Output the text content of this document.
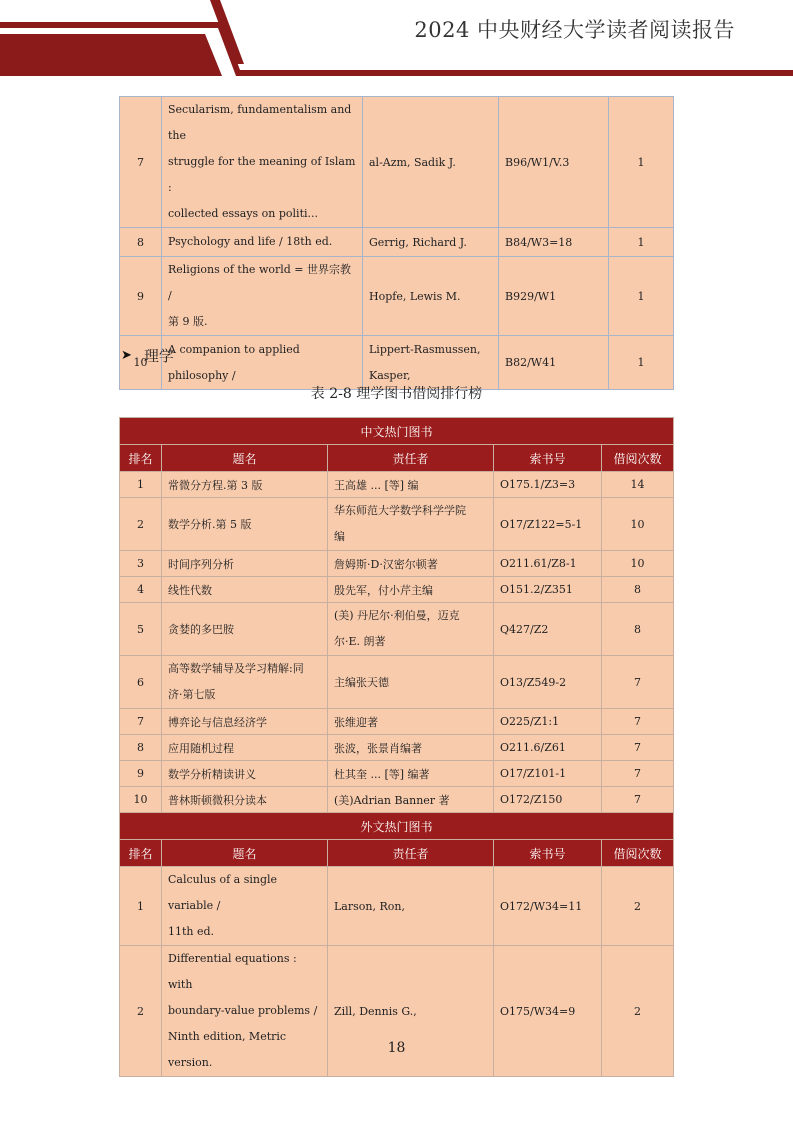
2024 中央财经大学读者阅读报告
7	Secularism, fundamentalism and the
struggle for the meaning of Islam :
collected essays on politi...	al-Azm, Sadik J.	B96/W1/V.3	1
8	Psychology and life / 18th ed.	Gerrig, Richard J.	B84/W3=18	1
9	Religions of the world = 世界宗教 /
第 9 版.	Hopfe, Lewis M.	B929/W1	1
10	A companion to applied philosophy /	Lippert-Rasmussen,
Kasper,	B82/W41	1
➤ 理学
表 2-8 理学图书借阅排行榜
中文热门图书				
排名	题名	责任者	索书号	借阅次数
1	常微分方程.第 3 版	王高雄 ... [等] 编	O175.1/Z3=3	14
2	数学分析.第 5 版	华东师范大学数学科学学院
编	O17/Z122=5-1	10
3	时间序列分析	詹姆斯·D·汉密尔顿著	O211.61/Z8-1	10
4	线性代数	殷先军，付小芹主编	O151.2/Z351	8
5	贪婪的多巴胺	(美) 丹尼尔·利伯曼，迈克
尔·E. 朗著	Q427/Z2	8
6	高等数学辅导及学习精解:同
济·第七版	主编张天德	O13/Z549-2	7
7	博弈论与信息经济学	张维迎著	O225/Z1:1	7
8	应用随机过程	张波，张景肖编著	O211.6/Z61	7
9	数学分析精读讲义	杜其奎 ... [等] 编著	O17/Z101-1	7
10	普林斯顿微积分读本	(美)Adrian Banner 著	O172/Z150	7
外文热门图书				
排名	题名	责任者	索书号	借阅次数
1	Calculus of a single variable /
11th ed.	Larson, Ron,	O172/W34=11	2
2	Differential equations : with
boundary-value problems /
Ninth edition, Metric version.	Zill, Dennis G.,	O175/W34=9	2
18
